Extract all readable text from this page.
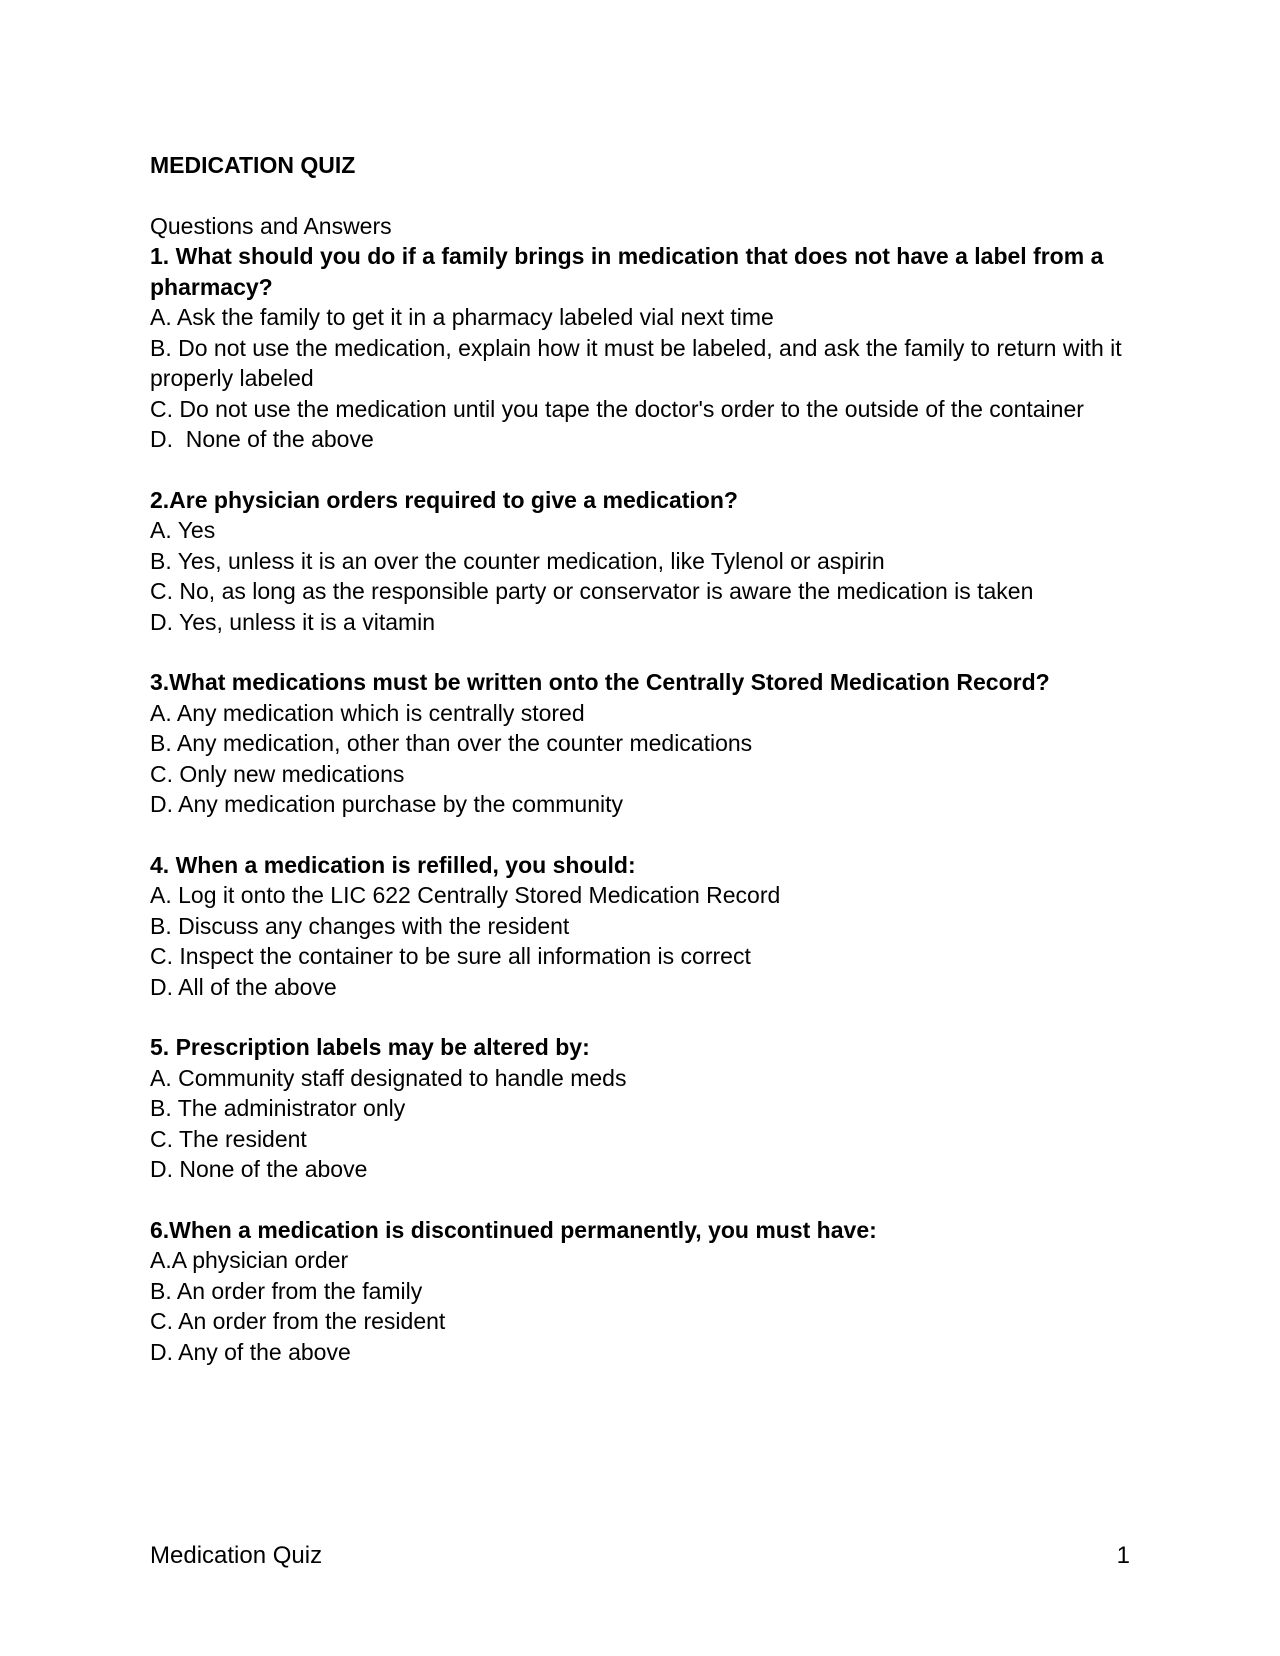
MEDICATION QUIZ

Questions and Answers

1. What should you do if a family brings in medication that does not have a label from a pharmacy?

A. Ask the family to get it in a pharmacy labeled vial next time
B. Do not use the medication, explain how it must be labeled, and ask the family to return with it properly labeled
C. Do not use the medication until you tape the doctor's order to the outside of the container
D.  None of the above

2.Are physician orders required to give a medication?

A. Yes
B. Yes, unless it is an over the counter medication, like Tylenol or aspirin
C. No, as long as the responsible party or conservator is aware the medication is taken
D. Yes, unless it is a vitamin

3.What medications must be written onto the Centrally Stored Medication Record?

A. Any medication which is centrally stored
B. Any medication, other than over the counter medications
C. Only new medications
D. Any medication purchase by the community

4. When a medication is refilled, you should:

A. Log it onto the LIC 622 Centrally Stored Medication Record
B. Discuss any changes with the resident
C. Inspect the container to be sure all information is correct
D. All of the above

5. Prescription labels may be altered by:

A. Community staff designated to handle meds
B. The administrator only
C. The resident
D. None of the above

6.When a medication is discontinued permanently, you must have:

A.A physician order
B. An order from the family
C. An order from the resident
D. Any of the above
Medication Quiz	1
